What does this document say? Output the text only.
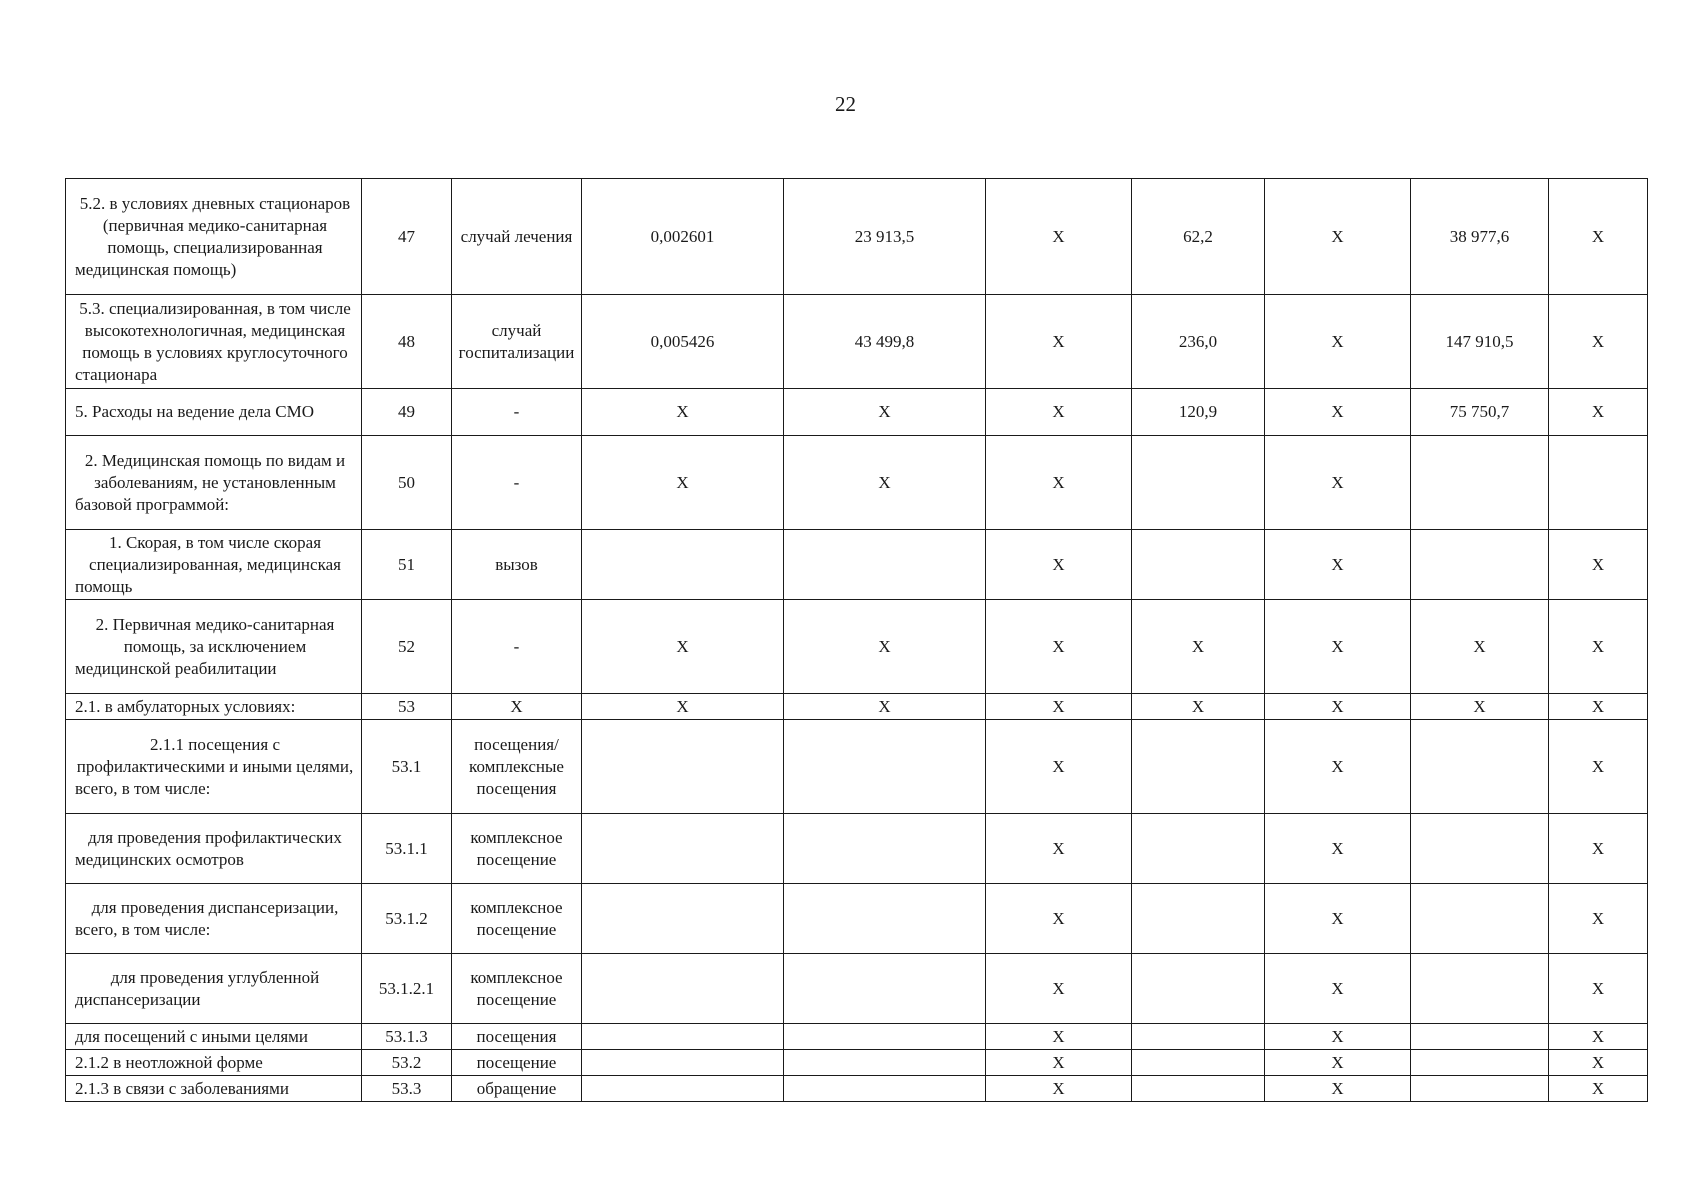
22
5.2. в условиях дневных стационаров (первичная медико-санитарная помощь, специализированная медицинская помощь)	47	случай лечения	0,002601	23 913,5	X	62,2	X	38 977,6	X
5.3. специализированная, в том числе высокотехнологичная, медицинская помощь в условиях круглосуточного стационара	48	случай госпитализации	0,005426	43 499,8	X	236,0	X	147 910,5	X
5. Расходы на ведение дела СМО	49	-	X	X	X	120,9	X	75 750,7	X
2. Медицинская помощь по видам и заболеваниям, не установленным базовой программой:	50	-	X	X	X		X		
1. Скорая, в том числе скорая специализированная, медицинская помощь	51	вызов			X		X		X
2. Первичная медико-санитарная помощь, за исключением медицинской реабилитации	52	-	X	X	X	X	X	X	X
2.1. в амбулаторных условиях:	53	X	X	X	X	X	X	X	X
2.1.1 посещения с профилактическими и иными целями, всего, в том числе:	53.1	посещения/комплексные посещения			X		X		X
для проведения профилактических медицинских осмотров	53.1.1	комплексное посещение			X		X		X
для проведения диспансеризации, всего, в том числе:	53.1.2	комплексное посещение			X		X		X
для проведения углубленной диспансеризации	53.1.2.1	комплексное посещение			X		X		X
для посещений с иными целями	53.1.3	посещения			X		X		X
2.1.2 в неотложной форме	53.2	посещение			X		X		X
2.1.3 в связи с заболеваниями	53.3	обращение			X		X		X
